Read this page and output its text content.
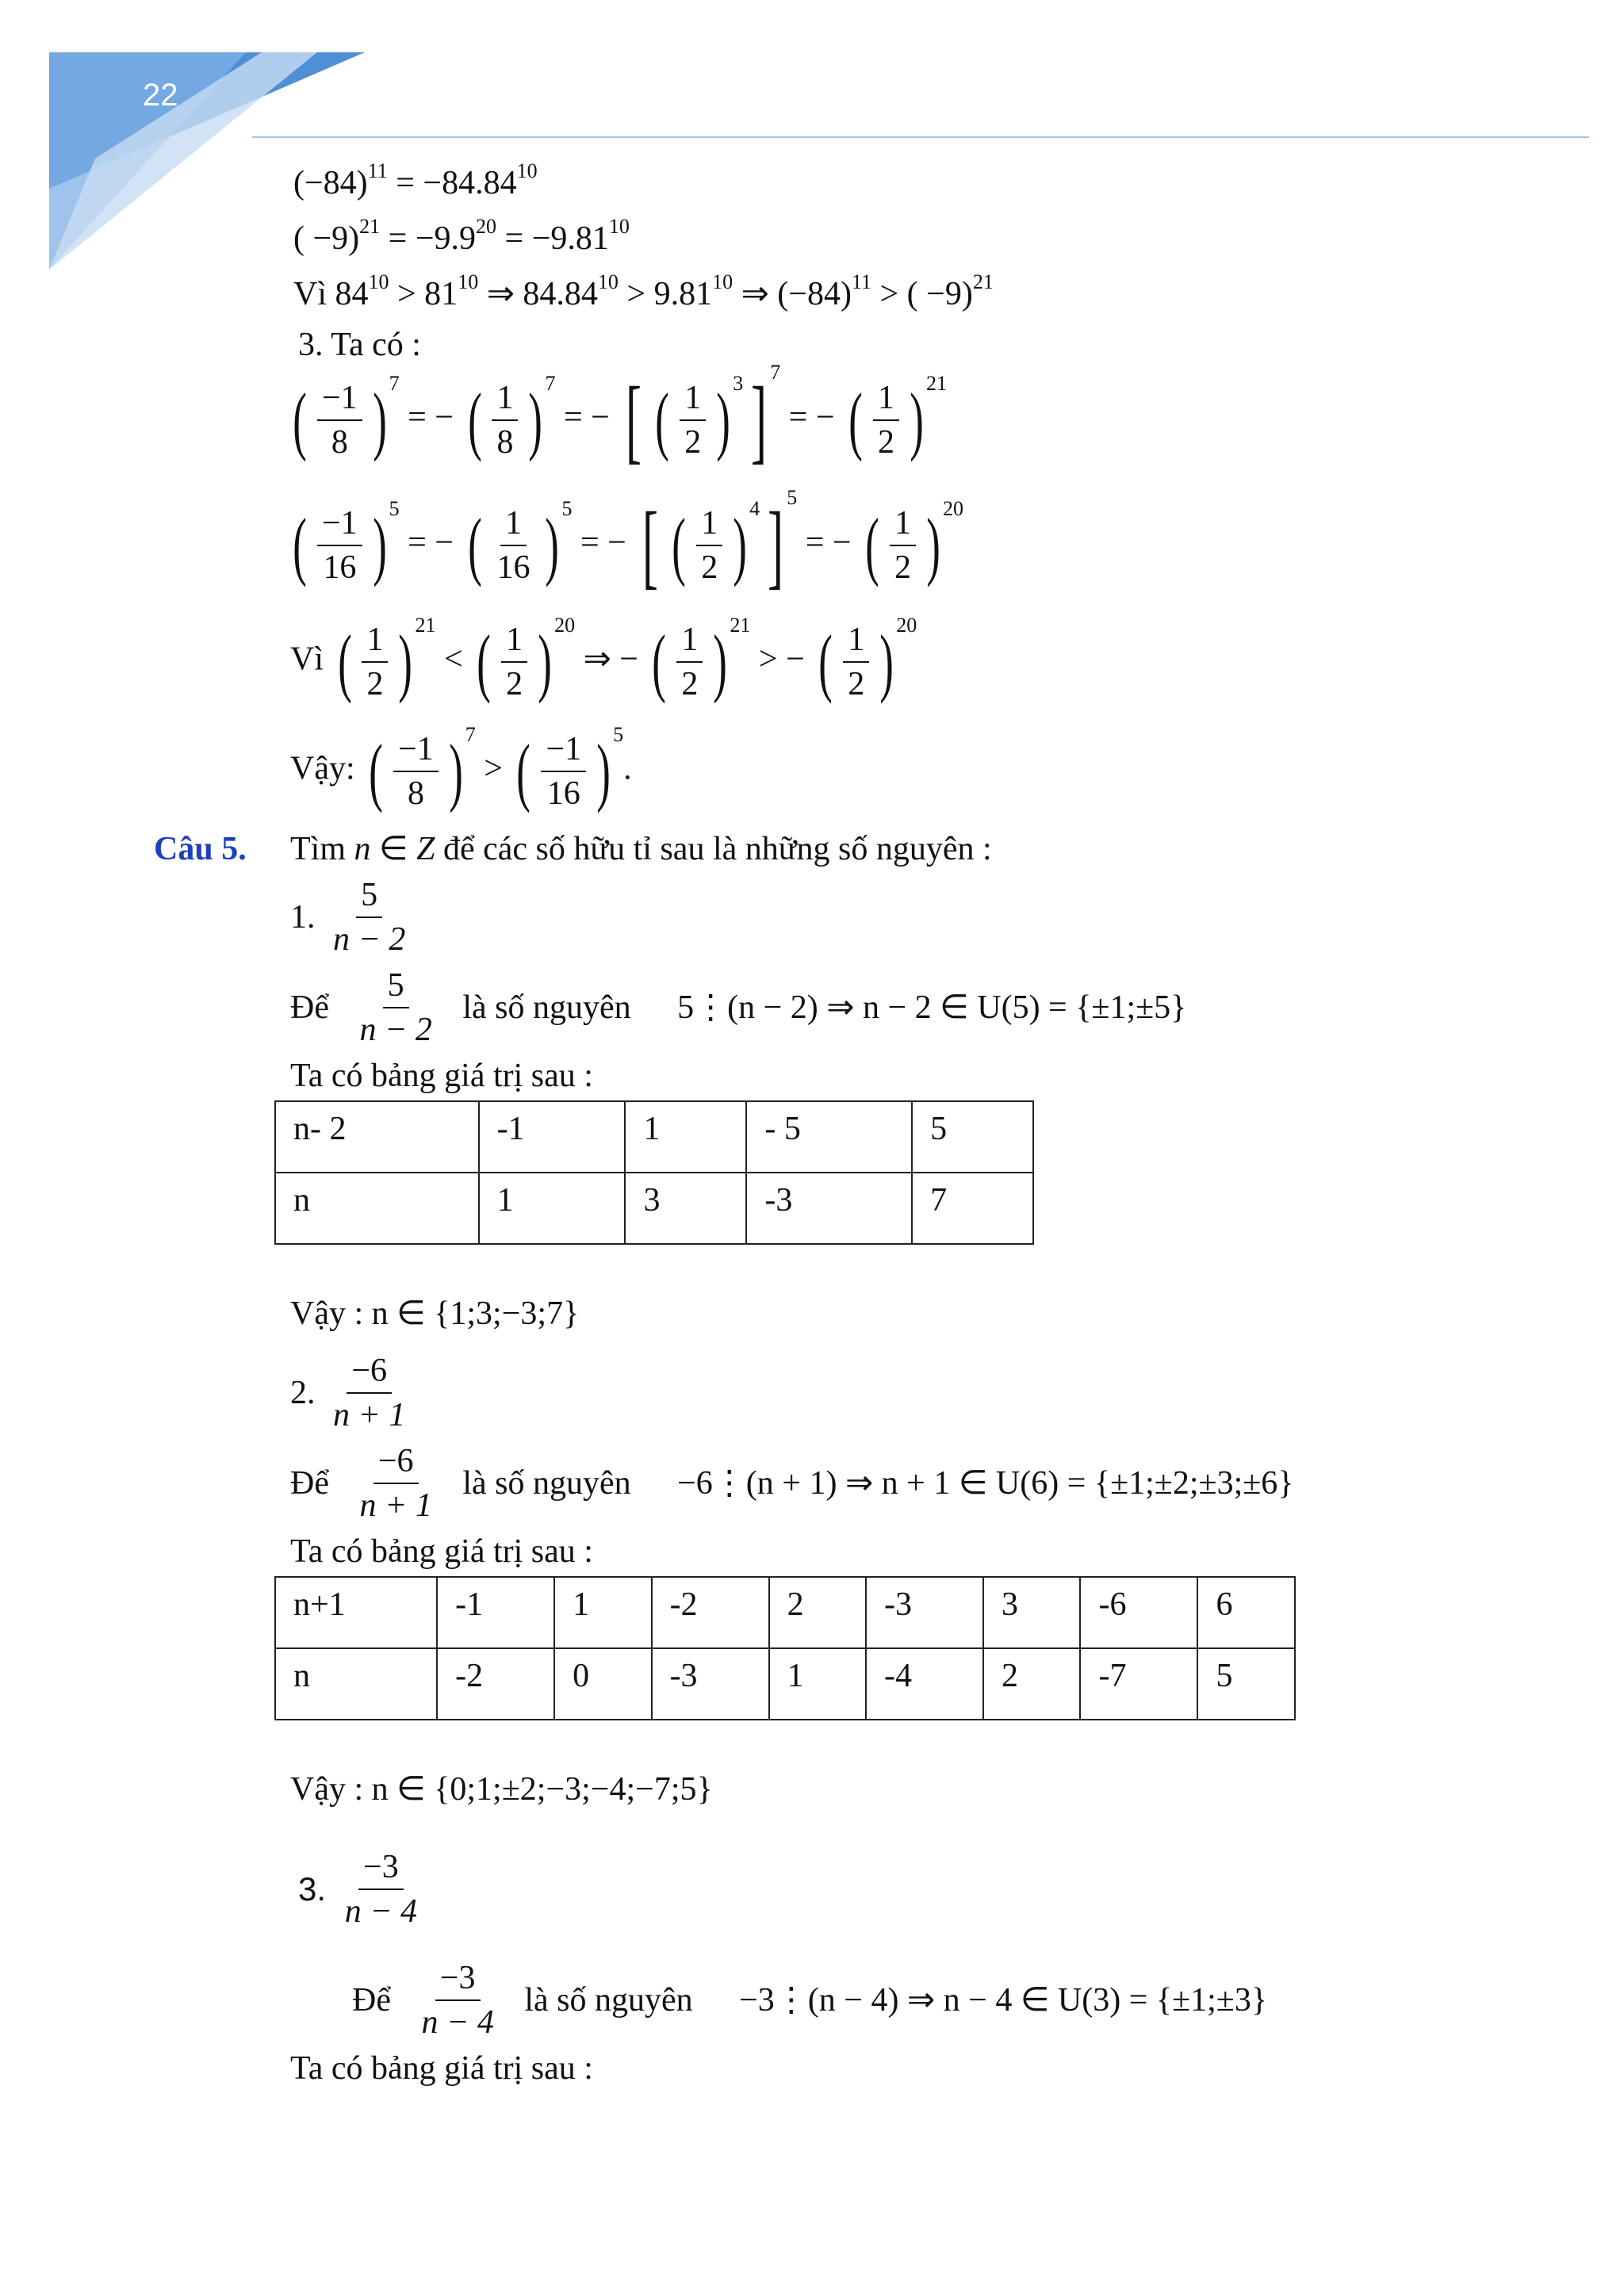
22
$(-84)^{11} = -84.84^{10}$
( $-9)^{21} = -9.9^{20} = -9.81^{10}$
Vì $84^{10} > 81^{10}$ ⇒ $84.84^{10} > 9.81^{10}$ ⇒ $(-84)^{11}$ > ( −9)$^{21}$
3. Ta có :
( $\frac{-1}{8}$ ) 7
= − ( $\frac{1}{8}$ ) 7
= − [ ( $\frac{1}{2}$ ) 3 ] 7
= − ( $\frac{1}{2}$ ) 21
( $\frac{-1}{16}$ ) 5
= − ( $\frac{1}{16}$ ) 5
= − [ ( $\frac{1}{2}$ ) 4 ] 5
= − ( $\frac{1}{2}$ ) 20
Vì ( $\frac{1}{2}$ ) 21
< ( $\frac{1}{2}$ ) 20
⇒ − ( $\frac{1}{2}$ ) 21
> − ( $\frac{1}{2}$ ) 20
Vậy: ( $\frac{-1}{8}$ ) 7
> ( $\frac{-1}{16}$ ) 5
.
Câu 5. Tìm n ∈ Z để các số hữu tỉ sau là những số nguyên :
1. $\frac{5}{n - 2}$
Để $\frac{5}{n - 2}$ là số nguyên 5⋮(n − 2) ⇒ n − 2 ∈ U(5) = {±1;±5}
Ta có bảng giá trị sau :
n- 2	-1	1	- 5	5
n	1	3	-3	7
Vậy : n ∈ {1;3;−3;7}
2. $\frac{-6}{n + 1}$
Để $\frac{-6}{n + 1}$ là số nguyên −6⋮(n + 1) ⇒ n + 1 ∈ U(6) = {±1;±2;±3;±6}
Ta có bảng giá trị sau :
n+1	-1	1	-2	2	-3	3	-6	6
n	-2	0	-3	1	-4	2	-7	5
Vậy : n ∈ {0;1;±2;−3;−4;−7;5}
3. $\frac{-3}{n - 4}$
Để $\frac{-3}{n - 4}$ là số nguyên −3⋮(n − 4) ⇒ n − 4 ∈ U(3) = {±1;±3}
Ta có bảng giá trị sau :
